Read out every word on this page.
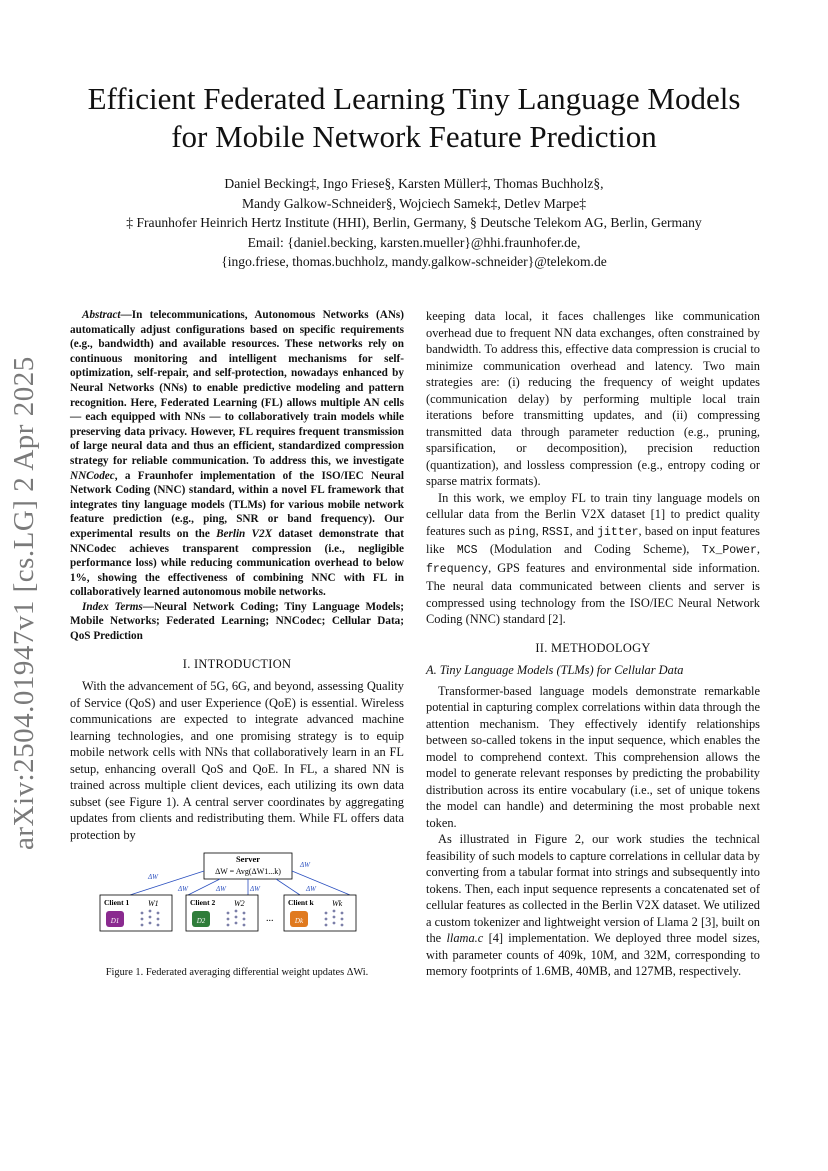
arXiv:2504.01947v1 [cs.LG] 2 Apr 2025
Efficient Federated Learning Tiny Language Models
for Mobile Network Feature Prediction
Daniel Becking‡, Ingo Friese§, Karsten Müller‡, Thomas Buchholz§,
Mandy Galkow-Schneider§, Wojciech Samek‡, Detlev Marpe‡
‡ Fraunhofer Heinrich Hertz Institute (HHI), Berlin, Germany, § Deutsche Telekom AG, Berlin, Germany
Email: {daniel.becking, karsten.mueller}@hhi.fraunhofer.de,
{ingo.friese, thomas.buchholz, mandy.galkow-schneider}@telekom.de

Abstract—In telecommunications, Autonomous Networks (ANs) automatically adjust configurations based on specific requirements (e.g., bandwidth) and available resources. These networks rely on continuous monitoring and intelligent mechanisms for self-optimization, self-repair, and self-protection, nowadays enhanced by Neural Networks (NNs) to enable predictive modeling and pattern recognition. Here, Federated Learning (FL) allows multiple AN cells — each equipped with NNs — to collaboratively train models while preserving data privacy. However, FL requires frequent transmission of large neural data and thus an efficient, standardized compression strategy for reliable communication. To address this, we investigate NNCodec, a Fraunhofer implementation of the ISO/IEC Neural Network Coding (NNC) standard, within a novel FL framework that integrates tiny language models (TLMs) for various mobile network feature prediction (e.g., ping, SNR or band frequency). Our experimental results on the Berlin V2X dataset demonstrate that NNCodec achieves transparent compression (i.e., negligible performance loss) while reducing communication overhead to below 1%, showing the effectiveness of combining NNC with FL in collaboratively learned autonomous mobile networks.

Index Terms—Neural Network Coding; Tiny Language Models; Mobile Networks; Federated Learning; NNCodec; Cellular Data; QoS Prediction

I. INTRODUCTION

With the advancement of 5G, 6G, and beyond, assessing Quality of Service (QoS) and user Experience (QoE) is essential. Wireless communications are expected to integrate advanced machine learning technologies, and one promising strategy is to equip mobile network cells with NNs that collaboratively learn in an FL setup, enhancing overall QoS and QoE. In FL, a shared NN is trained across multiple client devices, each utilizing its own data subset (see Figure 1). A central server coordinates by aggregating updates from clients and redistributing them. While FL offers data protection by

Server
ΔW = Avg(ΔW1...k)
ΔW
ΔW	ΔW	ΔW	ΔW
ΔW
Client 1	Client 2	Client k
W1	W2	Wk
D1	D2	Dk
...
Figure 1. Federated averaging differential weight updates ΔWi.

keeping data local, it faces challenges like communication overhead due to frequent NN data exchanges, often constrained by bandwidth. To address this, effective data compression is crucial to minimize communication overhead and latency. Two main strategies are: (i) reducing the frequency of weight updates (communication delay) by performing multiple local train iterations before transmitting updates, and (ii) compressing transmitted data through parameter reduction (e.g., pruning, sparsification, or decomposition), precision reduction (quantization), and lossless compression (e.g., entropy coding or sparse matrix formats).

In this work, we employ FL to train tiny language models on cellular data from the Berlin V2X dataset [1] to predict quality features such as ping, RSSI, and jitter, based on input features like MCS (Modulation and Coding Scheme), Tx_Power, frequency, GPS features and environmental side information. The neural data communicated between clients and server is compressed using technology from the ISO/IEC Neural Network Coding (NNC) standard [2].

II. METHODOLOGY
A. Tiny Language Models (TLMs) for Cellular Data

Transformer-based language models demonstrate remarkable potential in capturing complex correlations within data through the attention mechanism. They effectively identify relationships between so-called tokens in the input sequence, which enables the model to comprehend context. This comprehension allows the model to generate relevant responses by predicting the probability distribution across its entire vocabulary (i.e., set of unique tokens the model can handle) and determining the most probable next token.

As illustrated in Figure 2, our work studies the technical feasibility of such models to capture correlations in cellular data by converting from a tabular format into strings and subsequently into tokens. Then, each input sequence represents a concatenated set of cellular features as collected in the Berlin V2X dataset. We utilized a custom tokenizer and lightweight version of Llama 2 [3], built on the llama.c [4] implementation. We deployed three model sizes, with parameter counts of 409k, 10M, and 32M, corresponding to memory footprints of 1.6MB, 40MB, and 127MB, respectively.
